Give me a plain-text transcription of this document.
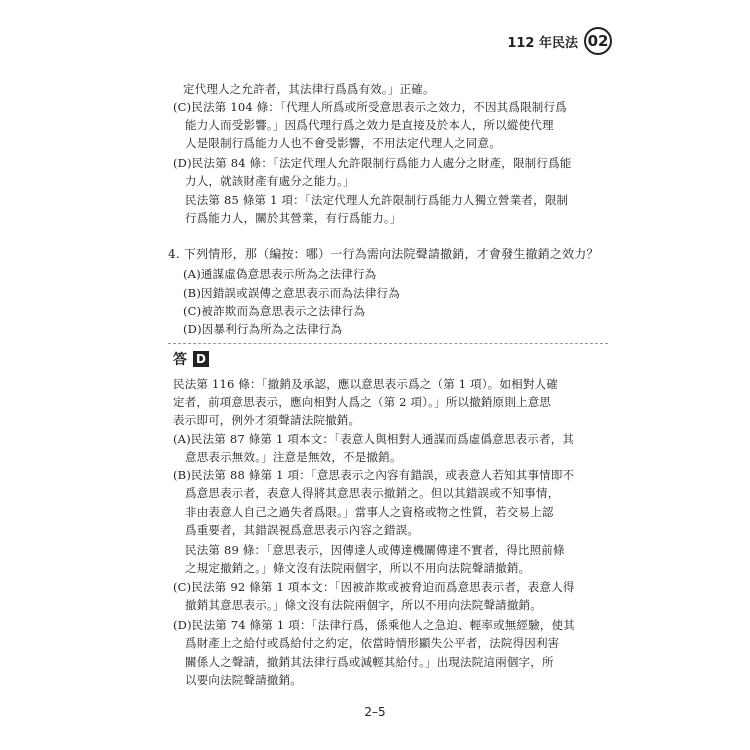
112 年民法 02
定代理人之允許者，其法律行爲爲有效。」正確。
(C)民法第 104 條：「代理人所爲或所受意思表示之效力，不因其爲限制行爲
能力人而受影響。」因爲代理行爲之效力是直接及於本人，所以縱使代理
人是限制行爲能力人也不會受影響，不用法定代理人之同意。
(D)民法第 84 條：「法定代理人允許限制行爲能力人處分之財產，限制行爲能
力人，就該財產有處分之能力。」
民法第 85 條第 1 項：「法定代理人允許限制行爲能力人獨立營業者，限制
行爲能力人，關於其營業，有行爲能力。」
4. 下列情形，那（編按：哪）一行為需向法院聲請撤銷，才會發生撤銷之效力？
(A)通謀虛偽意思表示所為之法律行為
(B)因錯誤或誤傳之意思表示而為法律行為
(C)被詐欺而為意思表示之法律行為
(D)因暴利行為所為之法律行為
答 D
民法第 116 條：「撤銷及承認，應以意思表示爲之（第 1 項）。如相對人確
定者，前項意思表示，應向相對人爲之（第 2 項）。」所以撤銷原則上意思
表示即可，例外才須聲請法院撤銷。
(A)民法第 87 條第 1 項本文：「表意人與相對人通謀而爲虛僞意思表示者，其
意思表示無效。」注意是無效，不是撤銷。
(B)民法第 88 條第 1 項：「意思表示之內容有錯誤，或表意人若知其事情即不
爲意思表示者，表意人得將其意思表示撤銷之。但以其錯誤或不知事情，
非由表意人自己之過失者爲限。」當事人之資格或物之性質，若交易上認
爲重要者，其錯誤視爲意思表示內容之錯誤。
民法第 89 條：「意思表示，因傳達人或傳達機關傳達不實者，得比照前條
之規定撤銷之。」條文沒有法院兩個字，所以不用向法院聲請撤銷。
(C)民法第 92 條第 1 項本文：「因被詐欺或被脅迫而爲意思表示者，表意人得
撤銷其意思表示。」條文沒有法院兩個字，所以不用向法院聲請撤銷。
(D)民法第 74 條第 1 項：「法律行爲，係乘他人之急迫、輕率或無經驗，使其
爲財產上之給付或爲給付之約定，依當時情形顯失公平者，法院得因利害
關係人之聲請，撤銷其法律行爲或減輕其給付。」出現法院這兩個字，所
以要向法院聲請撤銷。
2–5
